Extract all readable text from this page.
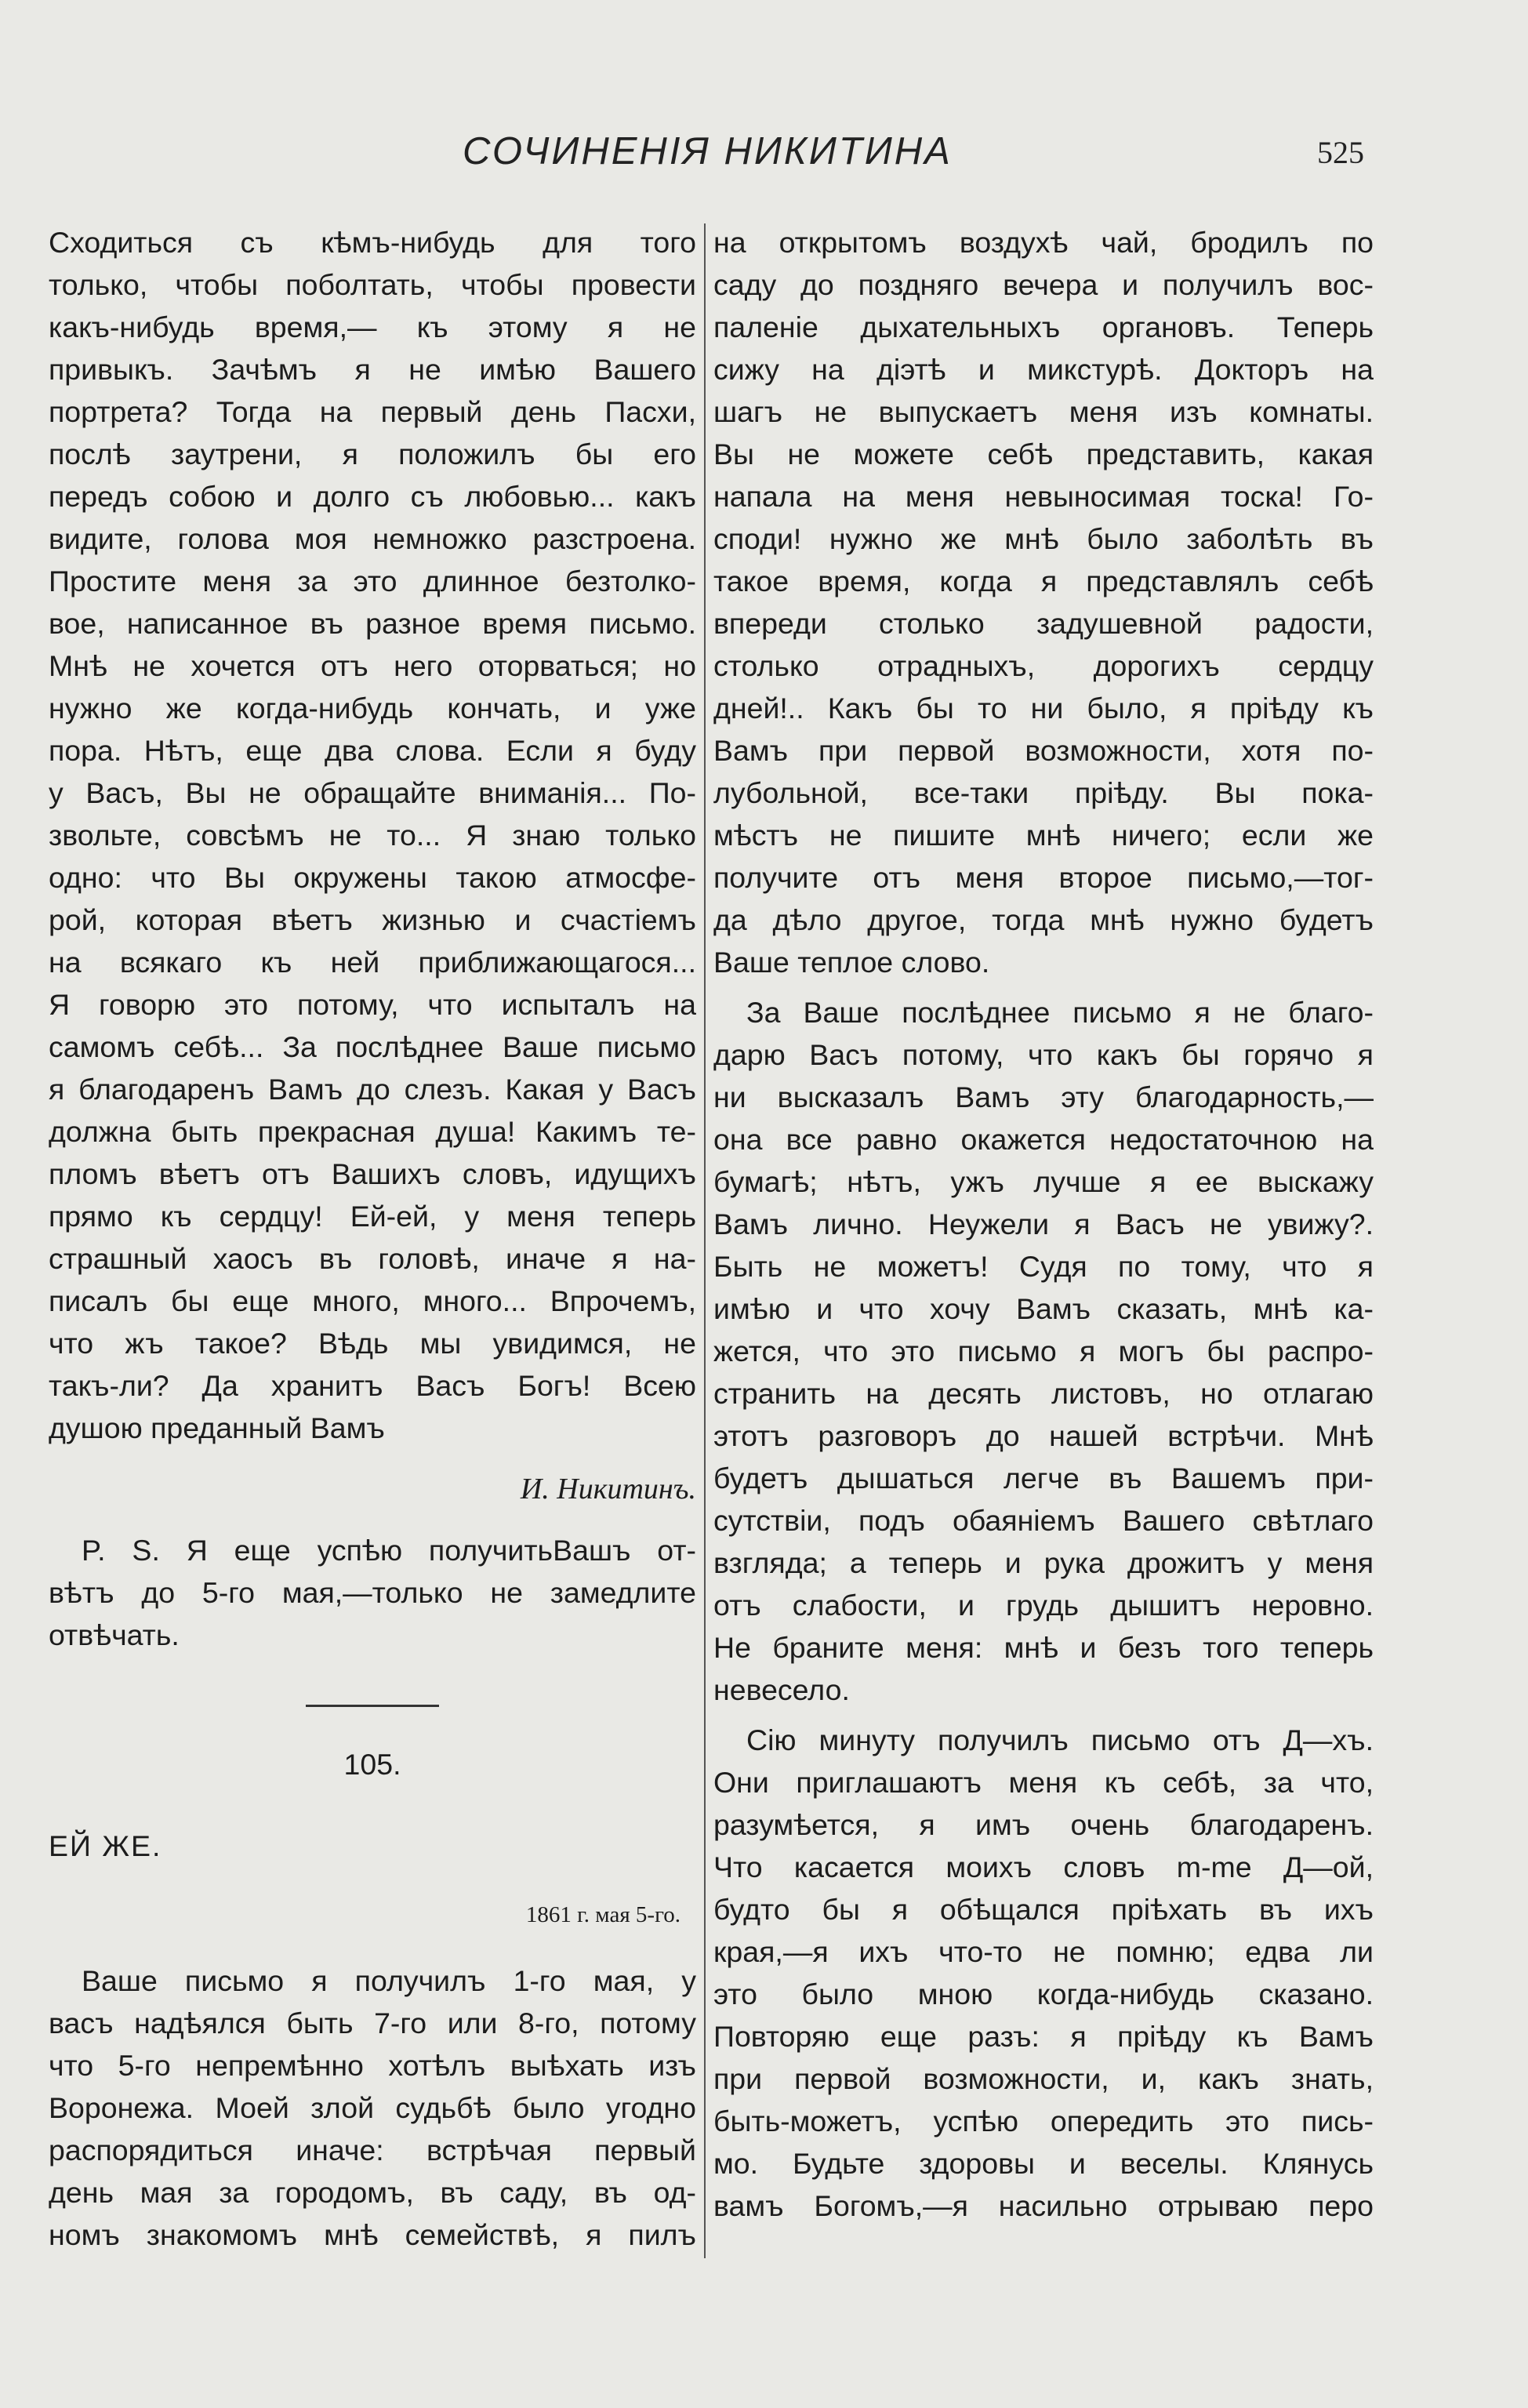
СОЧИНЕНІЯ НИКИТИНА	525
Сходиться съ кѣмъ-нибудь для того
только, чтобы поболтать, чтобы провести
какъ-нибудь время,— къ этому я не
привыкъ. Зачѣмъ я не имѣю Вашего
портрета? Тогда на первый день Пасхи,
послѣ заутрени, я положилъ бы его
передъ собою и долго съ любовью... какъ
видите, голова моя немножко разстроена.
Простите меня за это длинное безтолко-
вое, написанное въ разное время письмо.
Мнѣ не хочется отъ него оторваться; но
нужно же когда-нибудь кончать, и уже
пора. Нѣтъ, еще два слова. Если я буду
у Васъ, Вы не обращайте вниманія... По-
звольте, совсѣмъ не то... Я знаю только
одно: что Вы окружены такою атмосфе-
рой, которая вѣетъ жизнью и счастіемъ
на всякаго къ ней приближающагося...
Я говорю это потому, что испыталъ на
самомъ себѣ... За послѣднее Ваше письмо
я благодаренъ Вамъ до слезъ. Какая у Васъ
должна быть прекрасная душа! Какимъ те-
пломъ вѣетъ отъ Вашихъ словъ, идущихъ
прямо къ сердцу! Ей-ей, у меня теперь
страшный хаосъ въ головѣ, иначе я на-
писалъ бы еще много, много... Впрочемъ,
что жъ такое? Вѣдь мы увидимся, не
такъ-ли? Да хранитъ Васъ Богъ! Всею
душою преданный Вамъ
И. Никитинъ.
P. S. Я еще успѣю получитьВашъ от-
вѣтъ до 5-го мая,—только не замедлите
отвѣчать.
105.
ЕЙ ЖЕ.
1861 г. мая 5-го.
Ваше письмо я получилъ 1-го мая, у
васъ надѣялся быть 7-го или 8-го, потому
что 5-го непремѣнно хотѣлъ выѣхать изъ
Воронежа. Моей злой судьбѣ было угодно
распорядиться иначе: встрѣчая первый
день мая за городомъ, въ саду, въ од-
номъ знакомомъ мнѣ семействѣ, я пилъ
на открытомъ воздухѣ чай, бродилъ по
саду до поздняго вечера и получилъ вос-
паленіе дыхательныхъ органовъ. Теперь
сижу на діэтѣ и микстурѣ. Докторъ на
шагъ не выпускаетъ меня изъ комнаты.
Вы не можете себѣ представить, какая
напала на меня невыносимая тоска! Го-
споди! нужно же мнѣ было заболѣть въ
такое время, когда я представлялъ себѣ
впереди столько задушевной радости,
столько отрадныхъ, дорогихъ сердцу
дней!.. Какъ бы то ни было, я пріѣду къ
Вамъ при первой возможности, хотя по-
лубольной, все-таки пріѣду. Вы пока-
мѣстъ не пишите мнѣ ничего; если же
получите отъ меня второе письмо,—тог-
да дѣло другое, тогда мнѣ нужно будетъ
Ваше теплое слово.
За Ваше послѣднее письмо я не благо-
дарю Васъ потому, что какъ бы горячо я
ни высказалъ Вамъ эту благодарность,—
она все равно окажется недостаточною на
бумагѣ; нѣтъ, ужъ лучше я ее выскажу
Вамъ лично. Неужели я Васъ не увижу?.
Быть не можетъ! Судя по тому, что я
имѣю и что хочу Вамъ сказать, мнѣ ка-
жется, что это письмо я могъ бы распро-
странить на десять листовъ, но отлагаю
этотъ разговоръ до нашей встрѣчи. Мнѣ
будетъ дышаться легче въ Вашемъ при-
сутствіи, подъ обаяніемъ Вашего свѣтлаго
взгляда; а теперь и рука дрожитъ у меня
отъ слабости, и грудь дышитъ неровно.
Не браните меня: мнѣ и безъ того теперь
невесело.
Сію минуту получилъ письмо отъ Д—хъ.
Они приглашаютъ меня къ себѣ, за что,
разумѣется, я имъ очень благодаренъ.
Что касается моихъ словъ m-me Д—ой,
будто бы я обѣщался пріѣхать въ ихъ
края,—я ихъ что-то не помню; едва ли
это было мною когда-нибудь сказано.
Повторяю еще разъ: я пріѣду къ Вамъ
при первой возможности, и, какъ знать,
быть-можетъ, успѣю опередить это пись-
мо. Будьте здоровы и веселы. Клянусь
вамъ Богомъ,—я насильно отрываю перо
